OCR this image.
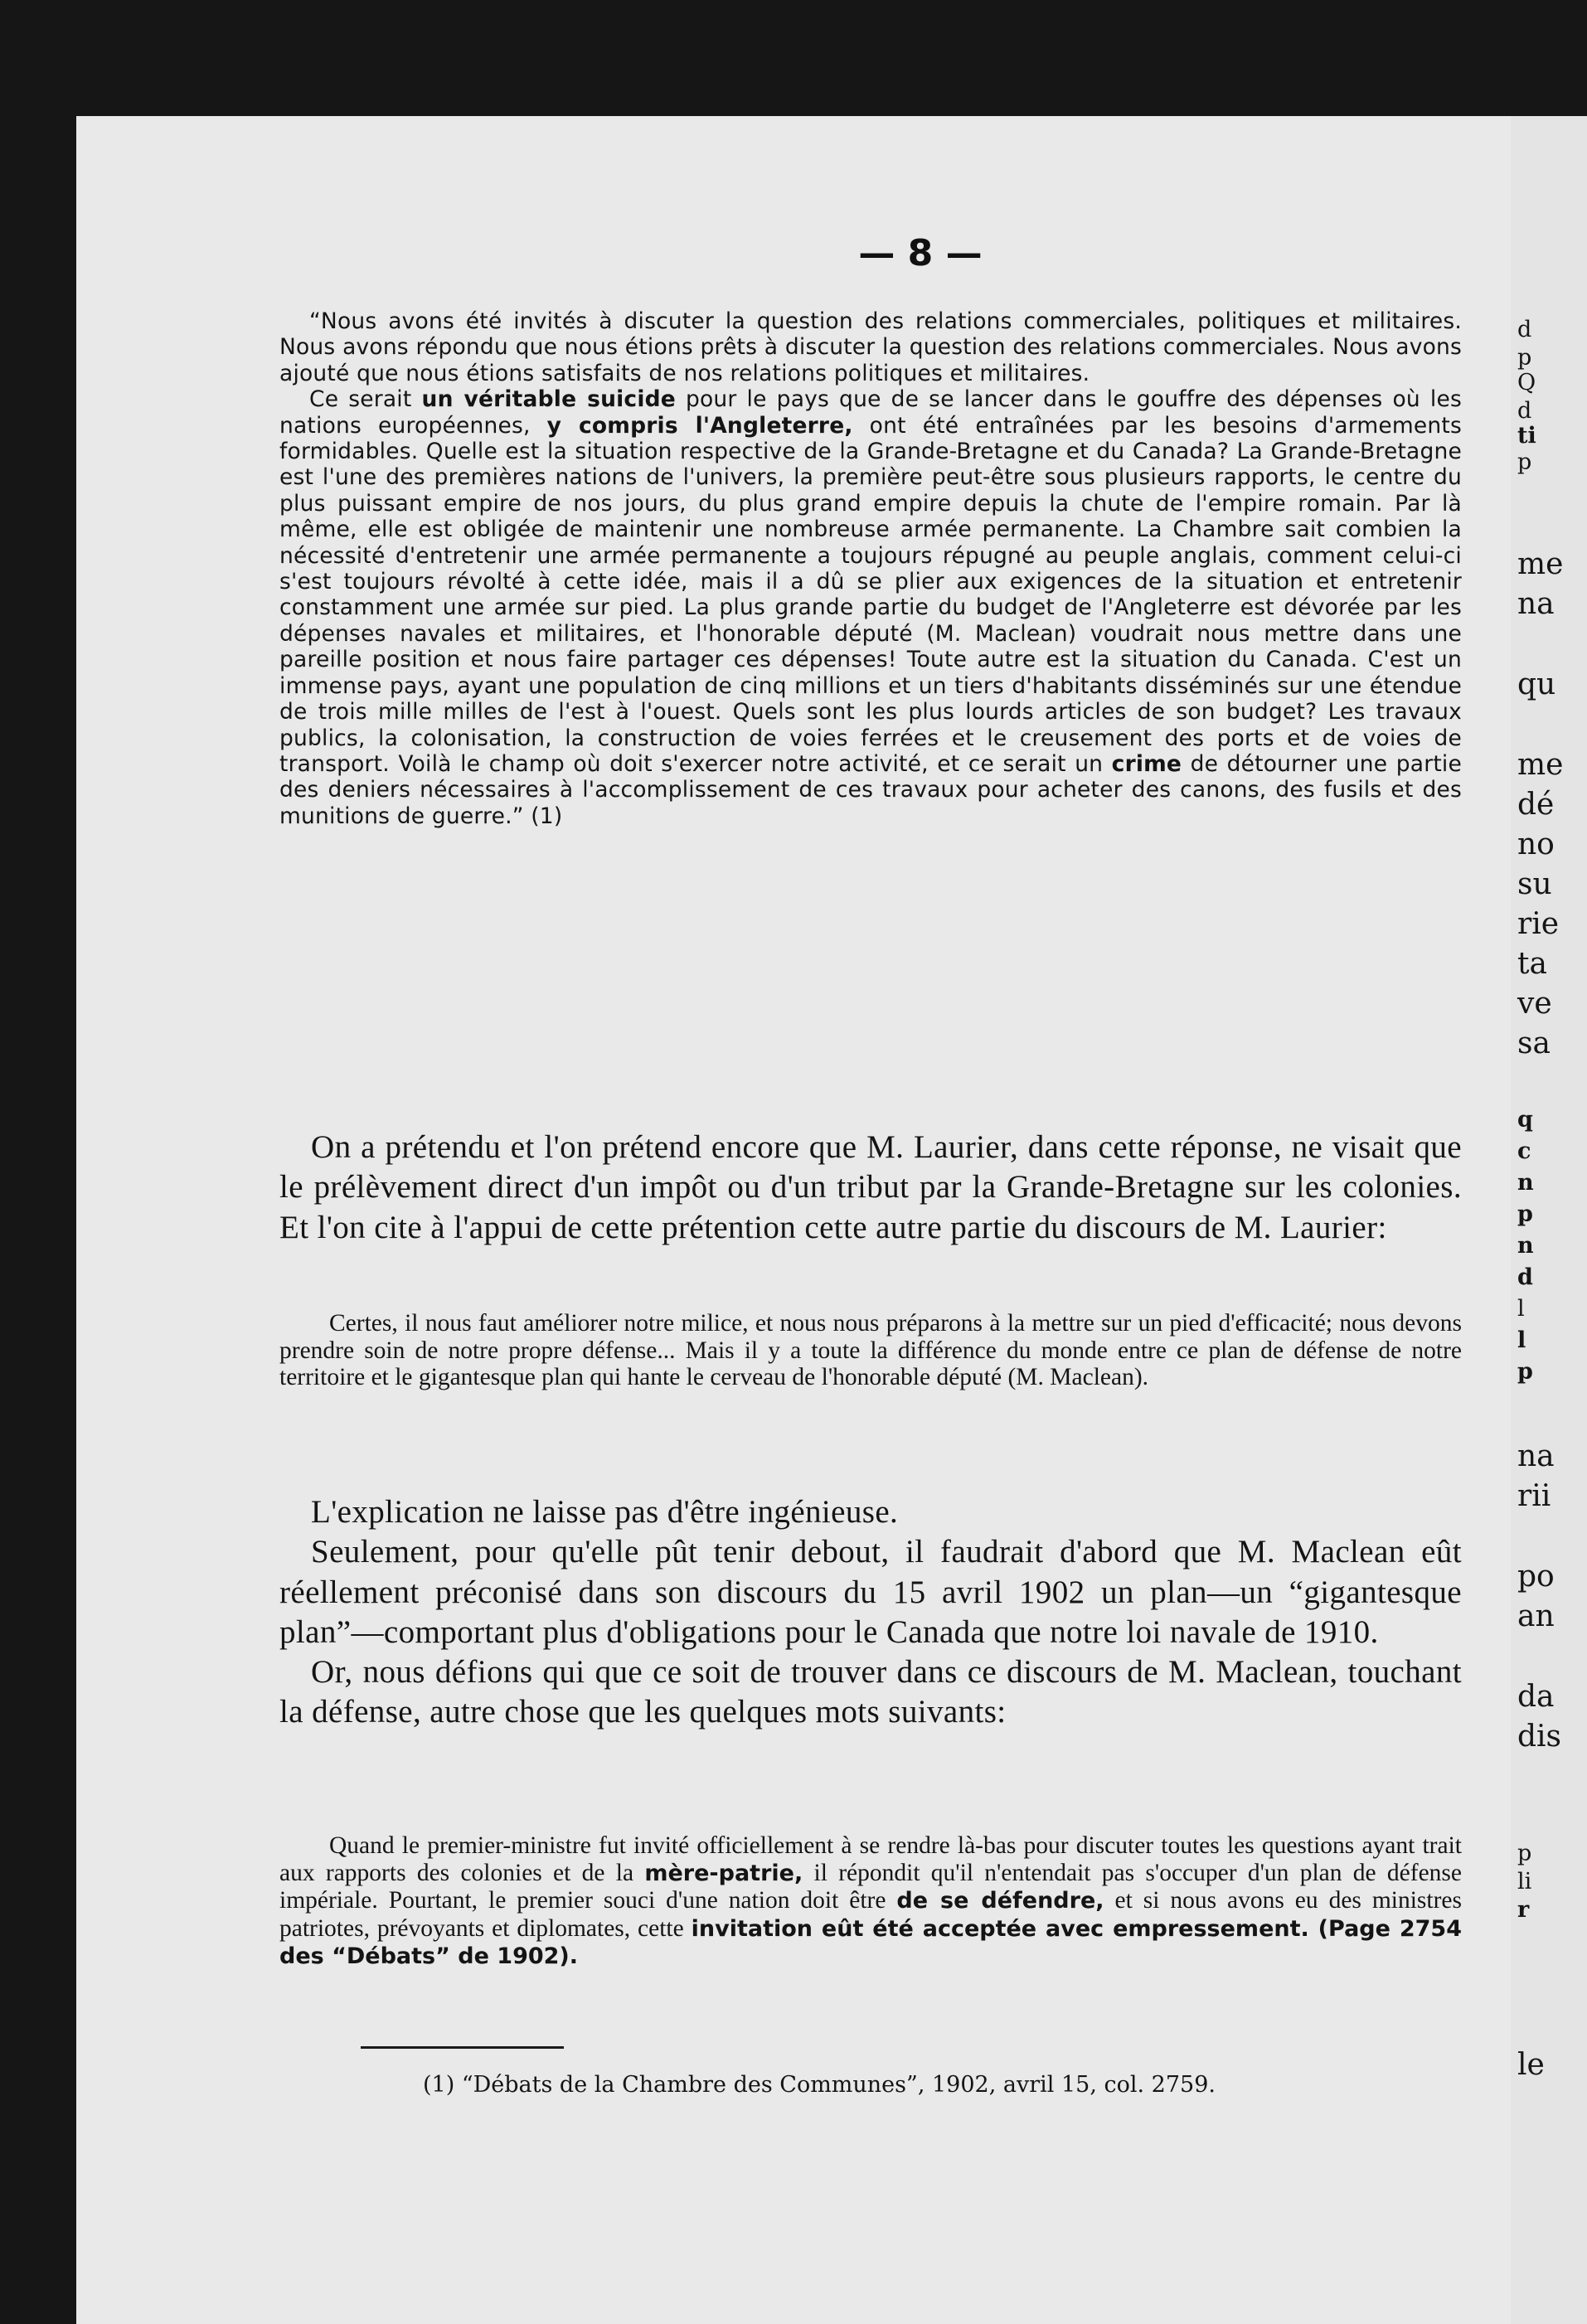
d
p
Q
d
ti
p
me
na
qu
me
dé
no
su
rie
ta
ve
sa
q
c
n
p
n
d
l
l
p
na
rii
po
an
da
dis
p
li
r
le
— 8 —

“Nous avons été invités à discuter la question des relations commerciales, politiques et militaires. Nous avons répondu que nous étions prêts à discuter la question des relations commerciales. Nous avons ajouté que nous étions satisfaits de nos relations politiques et militaires.

Ce serait un véritable suicide pour le pays que de se lancer dans le gouffre des dépenses où les nations européennes, y compris l'Angleterre, ont été entraînées par les besoins d'armements formidables. Quelle est la situation respective de la Grande-Bretagne et du Canada? La Grande-Bretagne est l'une des premières nations de l'univers, la première peut-être sous plusieurs rapports, le centre du plus puissant empire de nos jours, du plus grand empire depuis la chute de l'empire romain. Par là même, elle est obligée de maintenir une nombreuse armée permanente. La Chambre sait combien la nécessité d'entretenir une armée permanente a toujours répugné au peuple anglais, comment celui-ci s'est toujours révolté à cette idée, mais il a dû se plier aux exigences de la situation et entretenir constamment une armée sur pied. La plus grande partie du budget de l'Angleterre est dévorée par les dépenses navales et militaires, et l'honorable député (M. Maclean) voudrait nous mettre dans une pareille position et nous faire partager ces dépenses! Toute autre est la situation du Canada. C'est un immense pays, ayant une population de cinq millions et un tiers d'habitants disséminés sur une étendue de trois mille milles de l'est à l'ouest. Quels sont les plus lourds articles de son budget? Les travaux publics, la colonisation, la construction de voies ferrées et le creusement des ports et de voies de transport. Voilà le champ où doit s'exercer notre activité, et ce serait un crime de détourner une partie des deniers nécessaires à l'accomplissement de ces travaux pour acheter des canons, des fusils et des munitions de guerre.” (1)

On a prétendu et l'on prétend encore que M. Laurier, dans cette réponse, ne visait que le prélèvement direct d'un impôt ou d'un tribut par la Grande-Bretagne sur les colonies. Et l'on cite à l'appui de cette prétention cette autre partie du discours de M. Laurier:

Certes, il nous faut améliorer notre milice, et nous nous préparons à la mettre sur un pied d'efficacité; nous devons prendre soin de notre propre défense... Mais il y a toute la différence du monde entre ce plan de défense de notre territoire et le gigantesque plan qui hante le cerveau de l'honorable député (M. Maclean).

L'explication ne laisse pas d'être ingénieuse.

Seulement, pour qu'elle pût tenir debout, il faudrait d'abord que M. Maclean eût réellement préconisé dans son discours du 15 avril 1902 un plan—un “gigantesque plan”—comportant plus d'obligations pour le Canada que notre loi navale de 1910.

Or, nous défions qui que ce soit de trouver dans ce discours de M. Maclean, touchant la défense, autre chose que les quelques mots suivants:

Quand le premier-ministre fut invité officiellement à se rendre là-bas pour discuter toutes les questions ayant trait aux rapports des colonies et de la mère-patrie, il répondit qu'il n'entendait pas s'occuper d'un plan de défense impériale. Pourtant, le premier souci d'une nation doit être de se défendre, et si nous avons eu des ministres patriotes, prévoyants et diplomates, cette invitation eût été acceptée avec empressement. (Page 2754 des “Débats” de 1902).

(1) “Débats de la Chambre des Communes”, 1902, avril 15, col. 2759.
